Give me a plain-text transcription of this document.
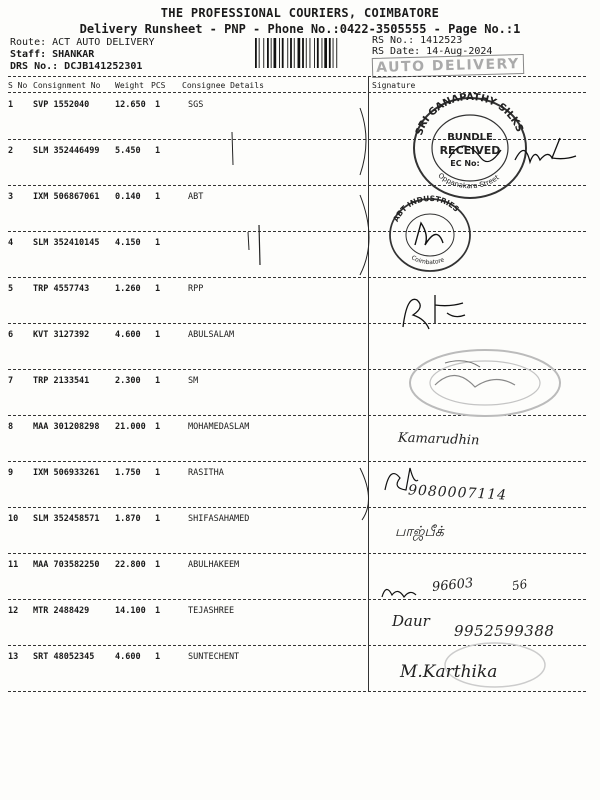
THE PROFESSIONAL COURIERS, COIMBATORE
Delivery Runsheet - PNP - Phone No.:0422-3505555 - Page No.:1
Route: ACT AUTO DELIVERY
Staff: SHANKAR
DRS No.: DCJB141252301
RS No.: 1412523
RS Date: 14-Aug-2024
AUTO DELIVERY
S No Consignment No Weight PCS Consignee Details	Signature
1 SVP 1552040	12.650 1	SGS
2 SLM 352446499 5.450 1
3 IXM 506867061 0.140 1	ABT
4 SLM 352410145 4.150 1
5 TRP 4557743	1.260 1	RPP
6 KVT 3127392	4.600 1	ABULSALAM
7 TRP 2133541	2.300 1	SM
8 MAA 301208298 21.000 1	MOHAMEDASLAM
9 IXM 506933261 1.750 1	RASITHA
10 SLM 352458571 1.870 1	SHIFASAHAMED
11 MAA 703582250 22.800 1	ABULHAKEEM
12 MTR 2488429	14.100 1	TEJASHREE
13 SRT 48052345 4.600 1	SUNTECHENT
SRI GANAPATHY SILKS
Oppanakara Street
BUNDLE
RECEIVED
EC No:
ABT INDUSTRIES
Coimbatore
Kamarudhin
9080007114
பாஜ்பீக்
96603	56
Daur
9952599388
M.Karthika
